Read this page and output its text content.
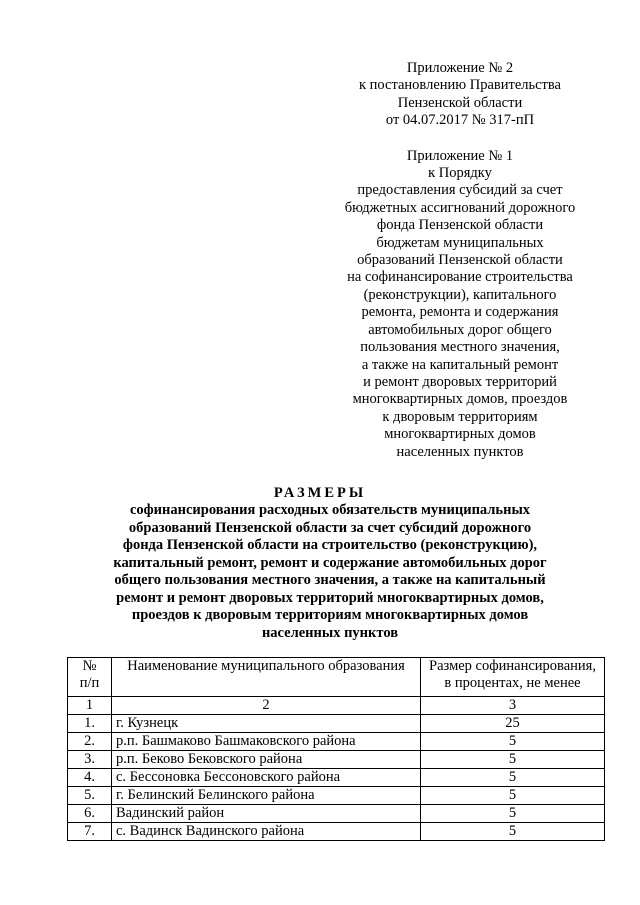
Приложение № 2
к постановлению Правительства
Пензенской области
от 04.07.2017 № 317-пП
Приложение № 1
к Порядку
предоставления субсидий за счет
бюджетных ассигнований дорожного
фонда Пензенской области
бюджетам муниципальных
образований Пензенской области
на софинансирование строительства
(реконструкции), капитального
ремонта, ремонта и содержания
автомобильных дорог общего
пользования местного значения,
а также на капитальный ремонт
и ремонт дворовых территорий
многоквартирных домов, проездов
к дворовым территориям
многоквартирных домов
населенных пунктов
РАЗМЕРЫ
софинансирования расходных обязательств муниципальных
образований Пензенской области за счет субсидий дорожного
фонда Пензенской области на строительство (реконструкцию),
капитальный ремонт, ремонт и содержание автомобильных дорог
общего пользования местного значения, а также на капитальный
ремонт и ремонт дворовых территорий многоквартирных домов,
проездов к дворовым территориям многоквартирных домов
населенных пунктов
№
п/п	Наименование муниципального образования	Размер софинансирования,
в процентах, не менее
1	2	3
1.	г. Кузнецк	25
2.	р.п. Башмаково Башмаковского района	5
3.	р.п. Беково Бековского района	5
4.	с. Бессоновка Бессоновского района	5
5.	г. Белинский Белинского района	5
6.	Вадинский район	5
7.	с. Вадинск Вадинского района	5
